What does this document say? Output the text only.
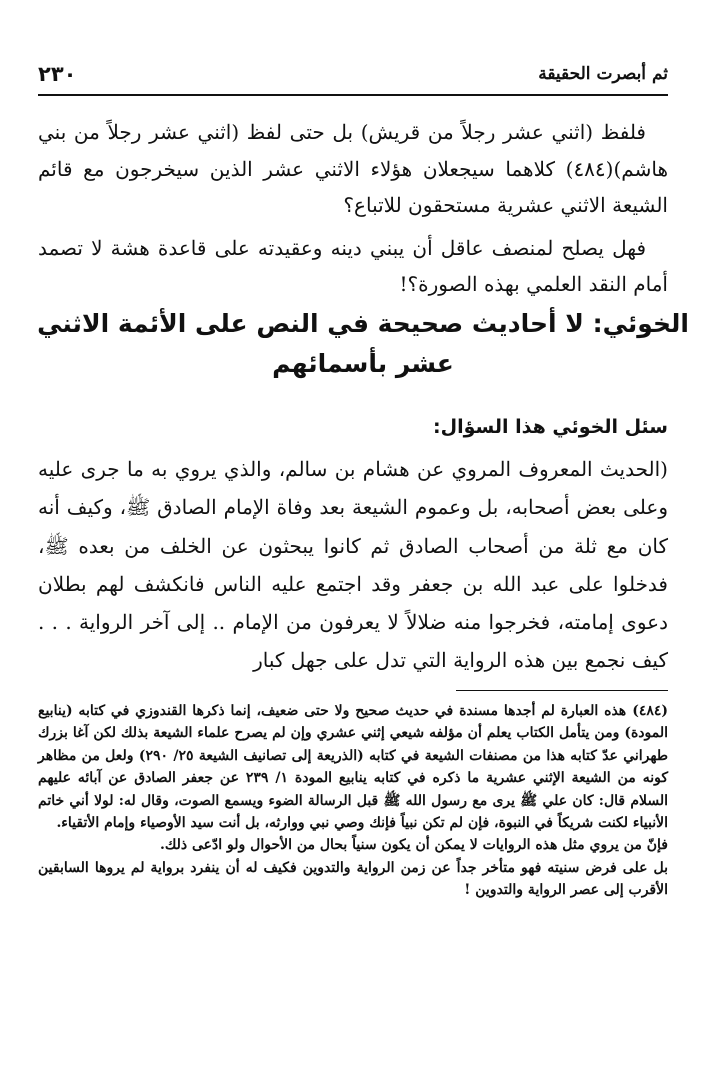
ثم أبصرت الحقيقة
٢٣٠

فلفظ (اثني عشر رجلاً من قريش) بل حتى لفظ (اثني عشر رجلاً من بني هاشم)(٤٨٤) كلاهما سيجعلان هؤلاء الاثني عشر الذين سيخرجون مع قائم الشيعة الاثني عشرية مستحقون للاتباع؟

فهل يصلح لمنصف عاقل أن يبني دينه وعقيدته على قاعدة هشة لا تصمد أمام النقد العلمي بهذه الصورة؟!

الخوئي: لا أحاديث صحيحة في النص على الأئمة الاثني عشر بأسمائهم
سئل الخوئي هذا السؤال:

(الحديث المعروف المروي عن هشام بن سالم، والذي يروي به ما جرى عليه وعلى بعض أصحابه، بل وعموم الشيعة بعد وفاة الإمام الصادق ﷺ، وكيف أنه كان مع ثلة من أصحاب الصادق ثم كانوا يبحثون عن الخلف من بعده ﷺ، فدخلوا على عبد الله بن جعفر وقد اجتمع عليه الناس فانكشف لهم بطلان دعوى إمامته، فخرجوا منه ضلالاً لا يعرفون من الإمام .. إلى آخر الرواية . . . كيف نجمع بين هذه الرواية التي تدل على جهل كبار

(٤٨٤)هذه العبارة لم أجدها مسندة في حديث صحيح ولا حتى ضعيف، إنما ذكرها القندوزي في كتابه (ينابيع المودة) ومن يتأمل الكتاب يعلم أن مؤلفه شيعي إثني عشري وإن لم يصرح علماء الشيعة بذلك لكن آغا بزرك طهراني عدّ كتابه هذا من مصنفات الشيعة في كتابه (الذريعة إلى تصانيف الشيعة ٢٥/ ٢٩٠) ولعل من مظاهر كونه من الشيعة الإثني عشرية ما ذكره في كتابه ينابيع المودة ١/ ٢٣٩ عن جعفر الصادق عن آبائه عليهم السلام قال: كان علي ﷺ يرى مع رسول الله ﷺ قبل الرسالة الضوء ويسمع الصوت، وقال له: لولا أني خاتم الأنبياء لكنت شريكاً في النبوة، فإن لم تكن نبياً فإنك وصي نبي ووارثه، بل أنت سيد الأوصياء وإمام الأتقياء.

فإنّ من يروي مثل هذه الروايات لا يمكن أن يكون سنياً بحال من الأحوال ولو ادّعى ذلك.

بل على فرض سنيته فهو متأخر جداً عن زمن الرواية والتدوين فكيف له أن ينفرد برواية لم يروها السابقين الأقرب إلى عصر الرواية والتدوين !
